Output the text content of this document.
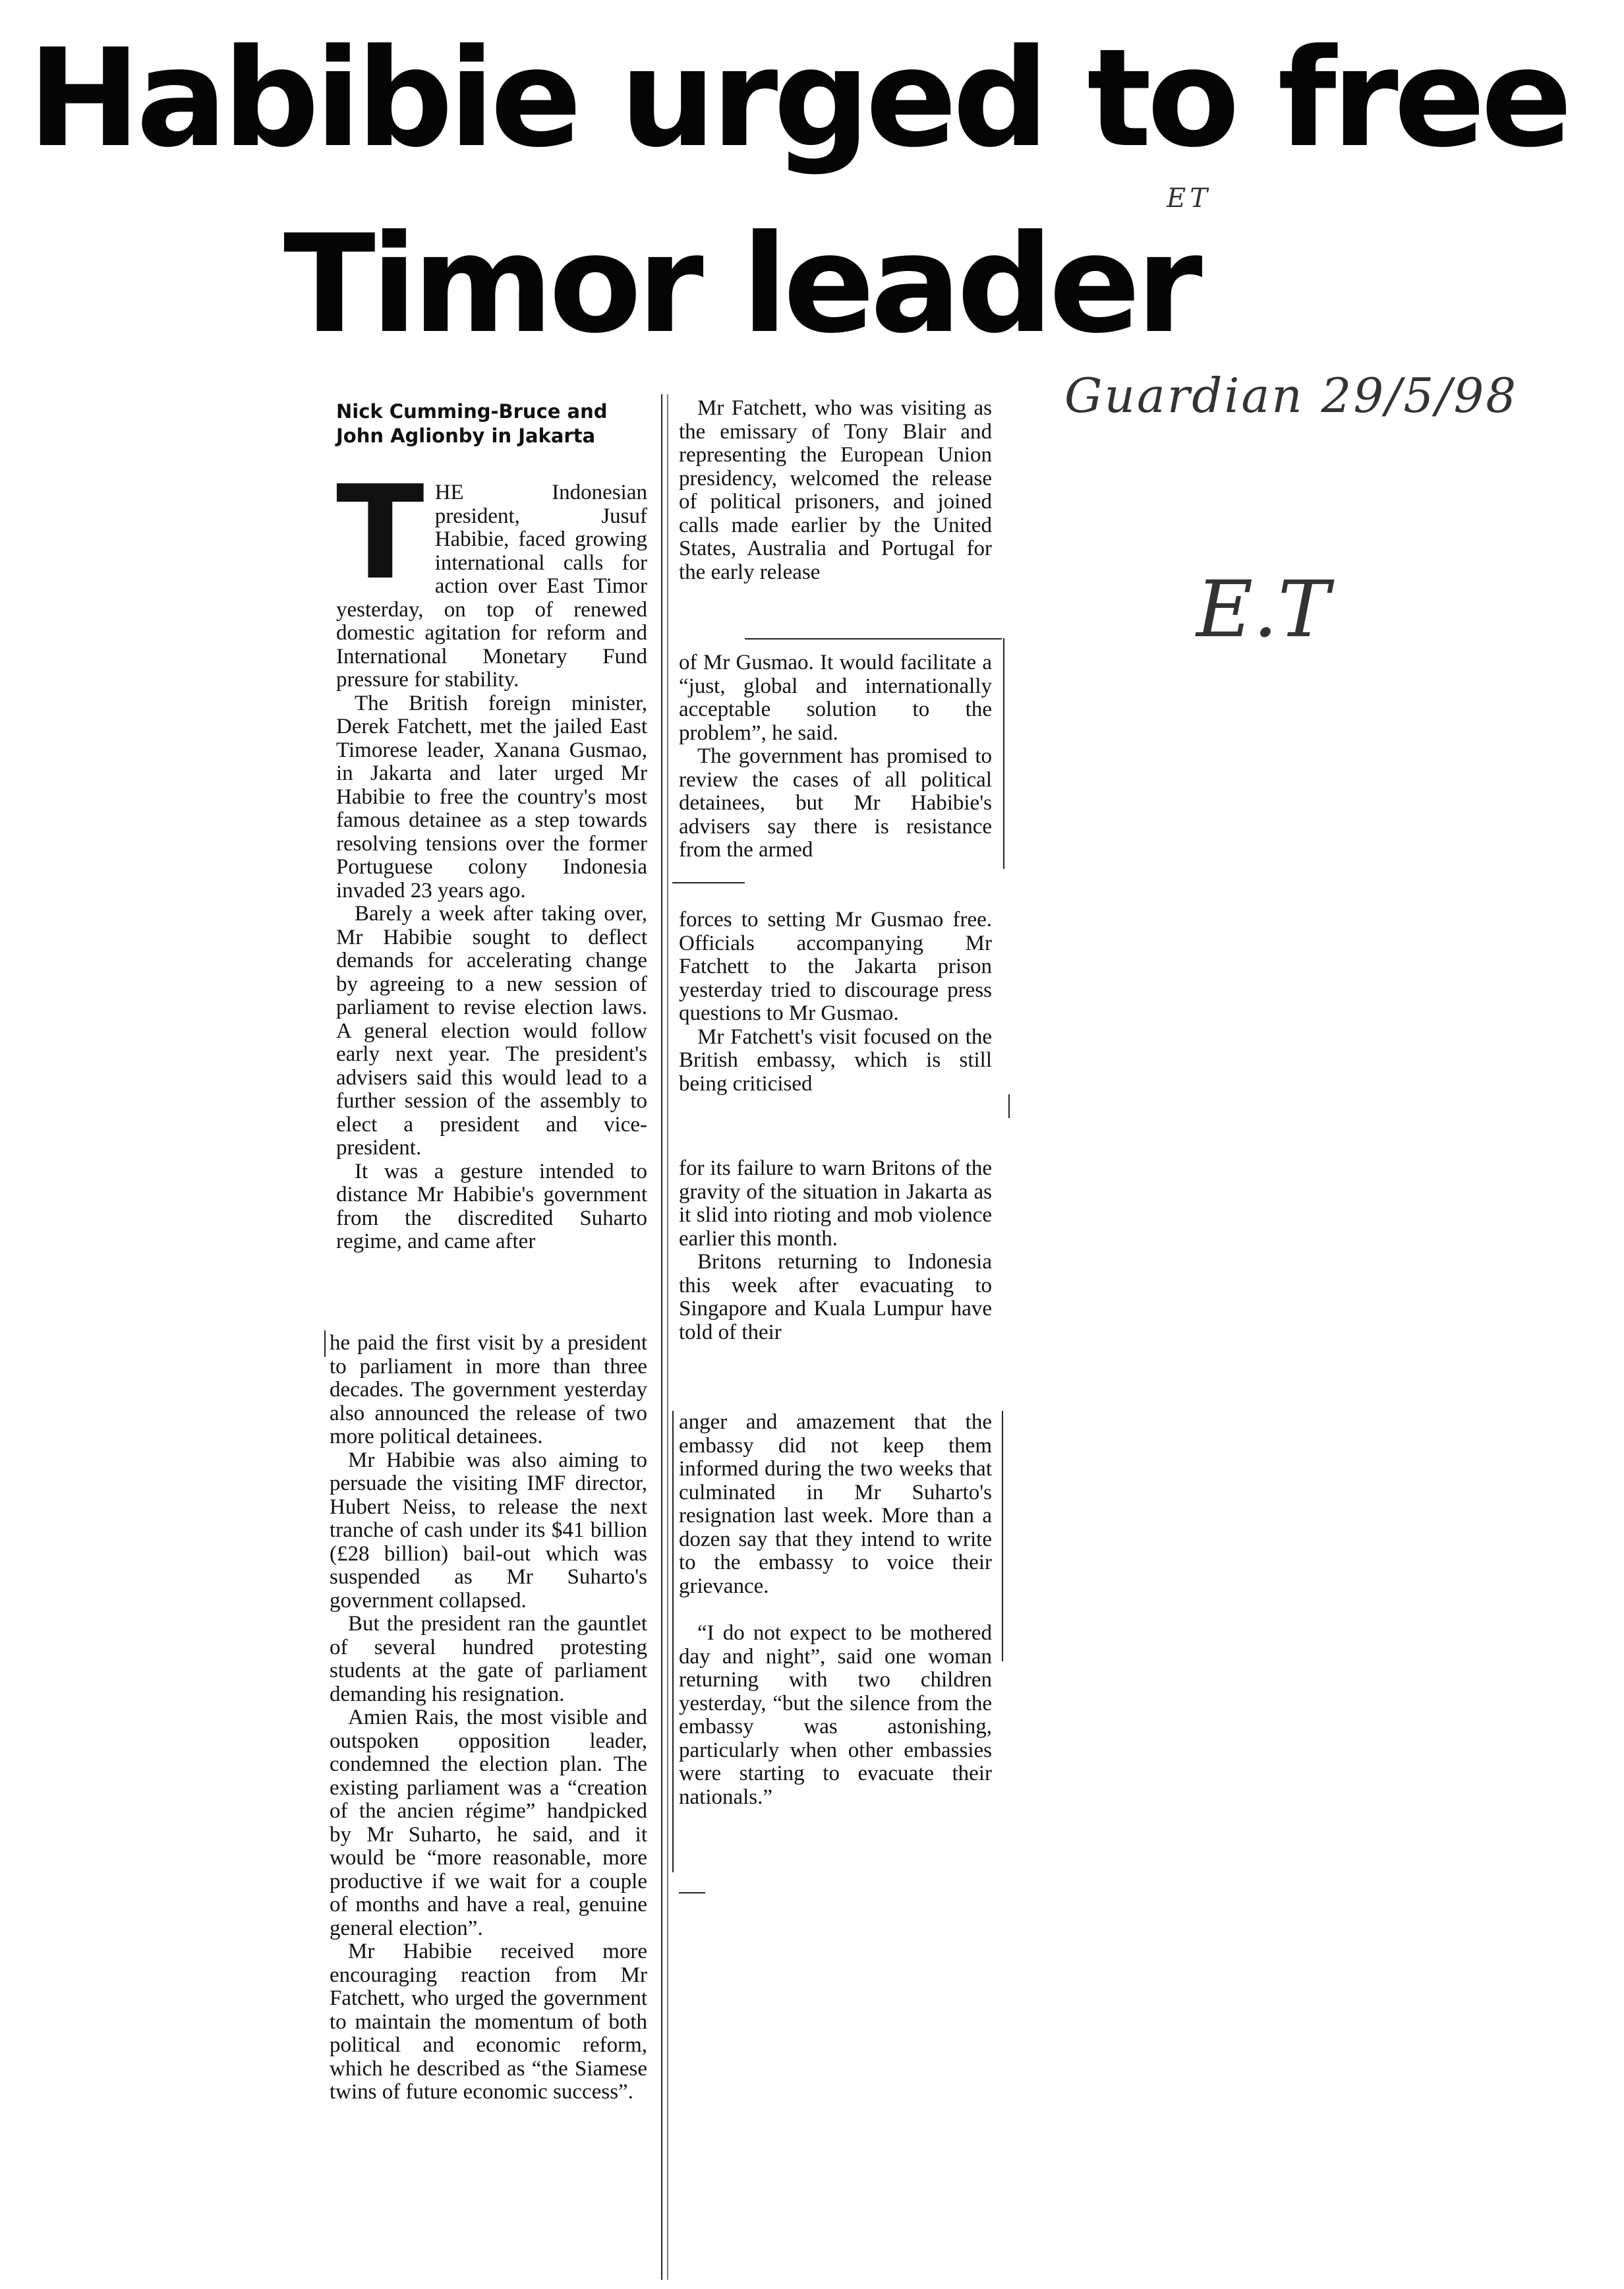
Habibie urged to free
Timor leader
ET
Guardian 29/5/98
E.T
Nick Cumming-Bruce and
John Aglionby in Jakarta
T HE Indonesian president, Jusuf Habibie, faced growing international calls for action over East Timor yesterday, on top of renewed domestic agitation for reform and International Monetary Fund pressure for stability.

The British foreign minister, Derek Fatchett, met the jailed East Timorese leader, Xanana Gusmao, in Jakarta and later urged Mr Habibie to free the country's most famous detainee as a step towards resolving tensions over the former Portuguese colony Indonesia invaded 23 years ago.

Barely a week after taking over, Mr Habibie sought to deflect demands for accelerating change by agreeing to a new session of parliament to revise election laws. A general election would follow early next year. The president's advisers said this would lead to a further session of the assembly to elect a president and vice-president.

It was a gesture intended to distance Mr Habibie's government from the discredited Suharto regime, and came after

he paid the first visit by a president to parliament in more than three decades. The government yesterday also announced the release of two more political detainees.

Mr Habibie was also aiming to persuade the visiting IMF director, Hubert Neiss, to release the next tranche of cash under its $41 billion (£28 billion) bail-out which was suspended as Mr Suharto's government collapsed.

But the president ran the gauntlet of several hundred protesting students at the gate of parliament demanding his resignation.

Amien Rais, the most visible and outspoken opposition leader, condemned the election plan. The existing parliament was a “creation of the ancien régime” handpicked by Mr Suharto, he said, and it would be “more reasonable, more productive if we wait for a couple of months and have a real, genuine general election”.

Mr Habibie received more encouraging reaction from Mr Fatchett, who urged the government to maintain the momentum of both political and economic reform, which he described as “the Siamese twins of future economic success”.

Mr Fatchett, who was visiting as the emissary of Tony Blair and representing the European Union presidency, welcomed the release of political prisoners, and joined calls made earlier by the United States, Australia and Portugal for the early release

of Mr Gusmao. It would facilitate a “just, global and internationally acceptable solution to the problem”, he said.

The government has promised to review the cases of all political detainees, but Mr Habibie's advisers say there is resistance from the armed

forces to setting Mr Gusmao free. Officials accompanying Mr Fatchett to the Jakarta prison yesterday tried to discourage press questions to Mr Gusmao.

Mr Fatchett's visit focused on the British embassy, which is still being criticised

for its failure to warn Britons of the gravity of the situation in Jakarta as it slid into rioting and mob violence earlier this month.

Britons returning to Indonesia this week after evacuating to Singapore and Kuala Lumpur have told of their

anger and amazement that the embassy did not keep them informed during the two weeks that culminated in Mr Suharto's resignation last week. More than a dozen say that they intend to write to the embassy to voice their grievance.

“I do not expect to be mothered day and night”, said one woman returning with two children yesterday, “but the silence from the embassy was astonishing, particularly when other embassies were starting to evacuate their nationals.”
